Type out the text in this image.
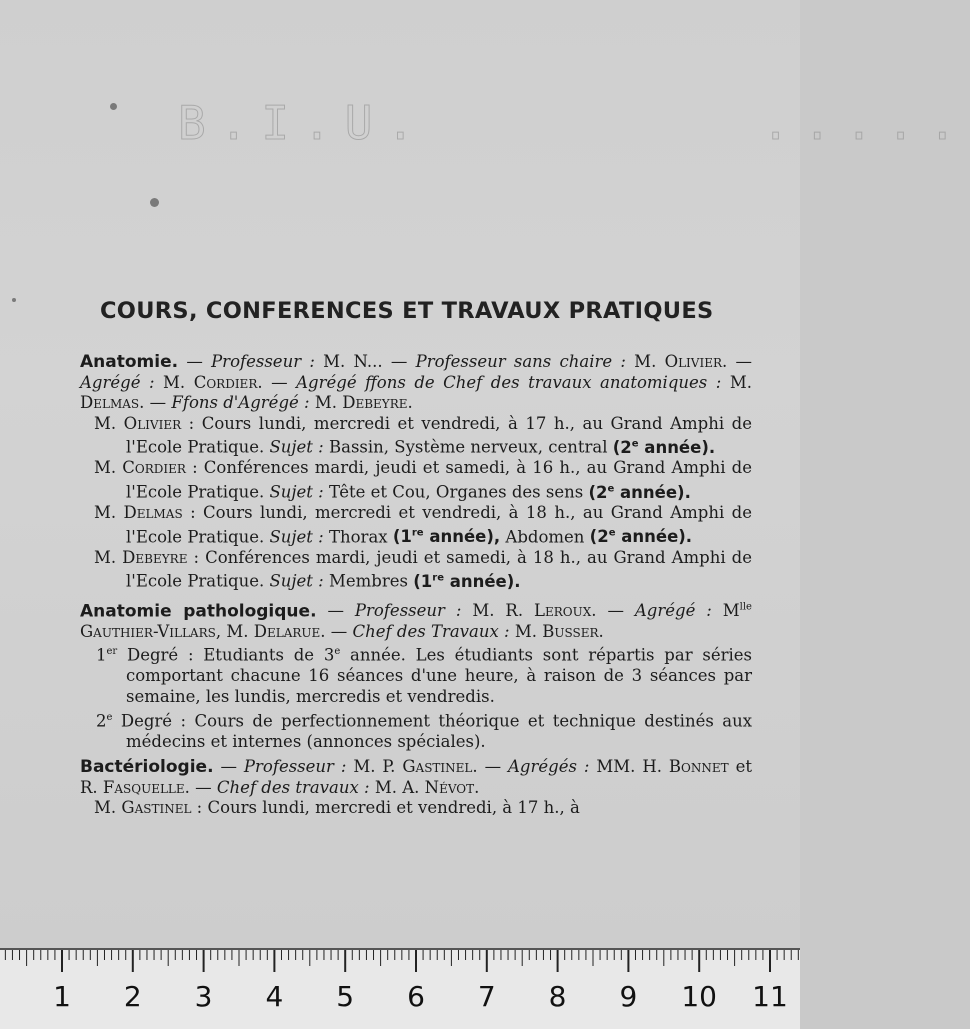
B.I.U.        .....
COURS, CONFERENCES ET TRAVAUX PRATIQUES
Anatomie. — Professeur : M. N... — Professeur sans chaire : M. Olivier. — Agrégé : M. Cordier. — Agrégé ffons de Chef des travaux anatomiques : M. Delmas. — Ffons d'Agrégé : M. Debeyre.
M. Olivier : Cours lundi, mercredi et vendredi, à 17 h., au Grand Amphi de l'Ecole Pratique. Sujet : Bassin, Système nerveux, central (2e année).
M. Cordier : Conférences mardi, jeudi et samedi, à 16 h., au Grand Amphi de l'Ecole Pratique. Sujet : Tête et Cou, Organes des sens (2e année).
M. Delmas : Cours lundi, mercredi et vendredi, à 18 h., au Grand Amphi de l'Ecole Pratique. Sujet : Thorax (1re année), Abdomen (2e année).
M. Debeyre : Conférences mardi, jeudi et samedi, à 18 h., au Grand Amphi de l'Ecole Pratique. Sujet : Membres (1re année).
Anatomie pathologique. — Professeur : M. R. Leroux. — Agrégé : $M^{lle}$ Gauthier-Villars, M. Delarue. — Chef des Travaux : M. Busser.
1er Degré : Etudiants de 3e année. Les étudiants sont répartis par séries comportant chacune 16 séances d'une heure, à raison de 3 séances par semaine, les lundis, mercredis et vendredis.
2e Degré : Cours de perfectionnement théorique et technique destinés aux médecins et internes (annonces spéciales).
Bactériologie. — Professeur : M. P. Gastinel. — Agrégés : MM. H. Bonnet et R. Fasquelle. — Chef des travaux : M. A. Névot.
M. Gastinel : Cours lundi, mercredi et vendredi, à 17 h., à
1 2 3 4 5 6 7 8 9 10 11
